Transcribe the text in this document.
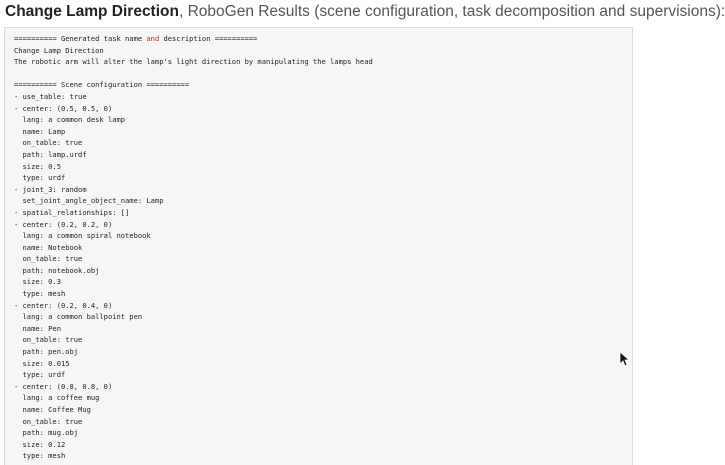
Change Lamp Direction, RoboGen Results (scene configuration, task decomposition and supervisions):
========== Generated task name and description ==========
Change Lamp Direction
The robotic arm will alter the lamp's light direction by manipulating the lamps head
========== Scene configuration ==========
- use_table: true
- center: (0.5, 0.5, 0)
lang: a common desk lamp
name: Lamp
on_table: true
path: lamp.urdf
size: 0.5
type: urdf
- joint_3: random
set_joint_angle_object_name: Lamp
- spatial_relationships: []
- center: (0.2, 0.2, 0)
lang: a common spiral notebook
name: Notebook
on_table: true
path: notebook.obj
size: 0.3
type: mesh
- center: (0.2, 0.4, 0)
lang: a common ballpoint pen
name: Pen
on_table: true
path: pen.obj
size: 0.015
type: urdf
- center: (0.8, 0.8, 0)
lang: a coffee mug
name: Coffee Mug
on_table: true
path: mug.obj
size: 0.12
type: mesh
